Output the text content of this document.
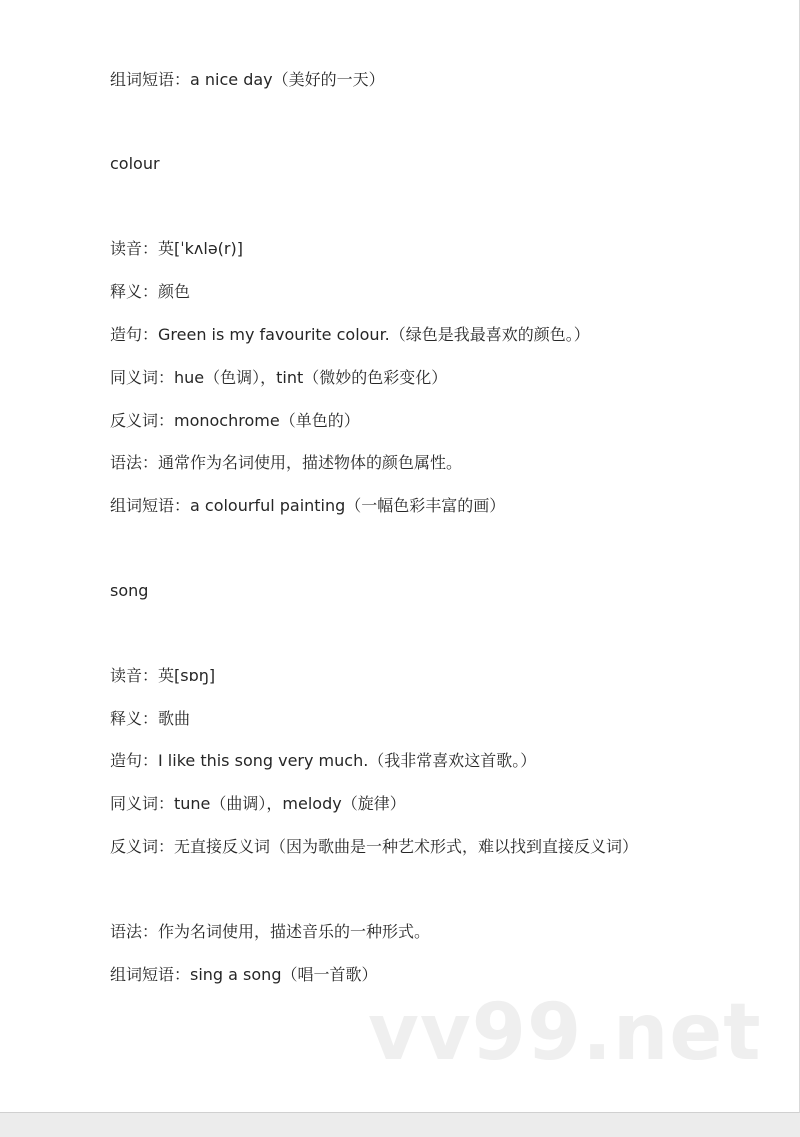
组词短语：a nice day（美好的一天）
colour
读音：英[ˈkʌlə(r)]
释义：颜色
造句：Green is my favourite colour.（绿色是我最喜欢的颜色。）
同义词：hue（色调），tint（微妙的色彩变化）
反义词：monochrome（单色的）
语法：通常作为名词使用，描述物体的颜色属性。
组词短语：a colourful painting（一幅色彩丰富的画）
song
读音：英[sɒŋ]
释义：歌曲
造句：I like this song very much.（我非常喜欢这首歌。）
同义词：tune（曲调），melody（旋律）
反义词：无直接反义词（因为歌曲是一种艺术形式，难以找到直接反义词）
语法：作为名词使用，描述音乐的一种形式。
组词短语：sing a song（唱一首歌）
vv99.net
